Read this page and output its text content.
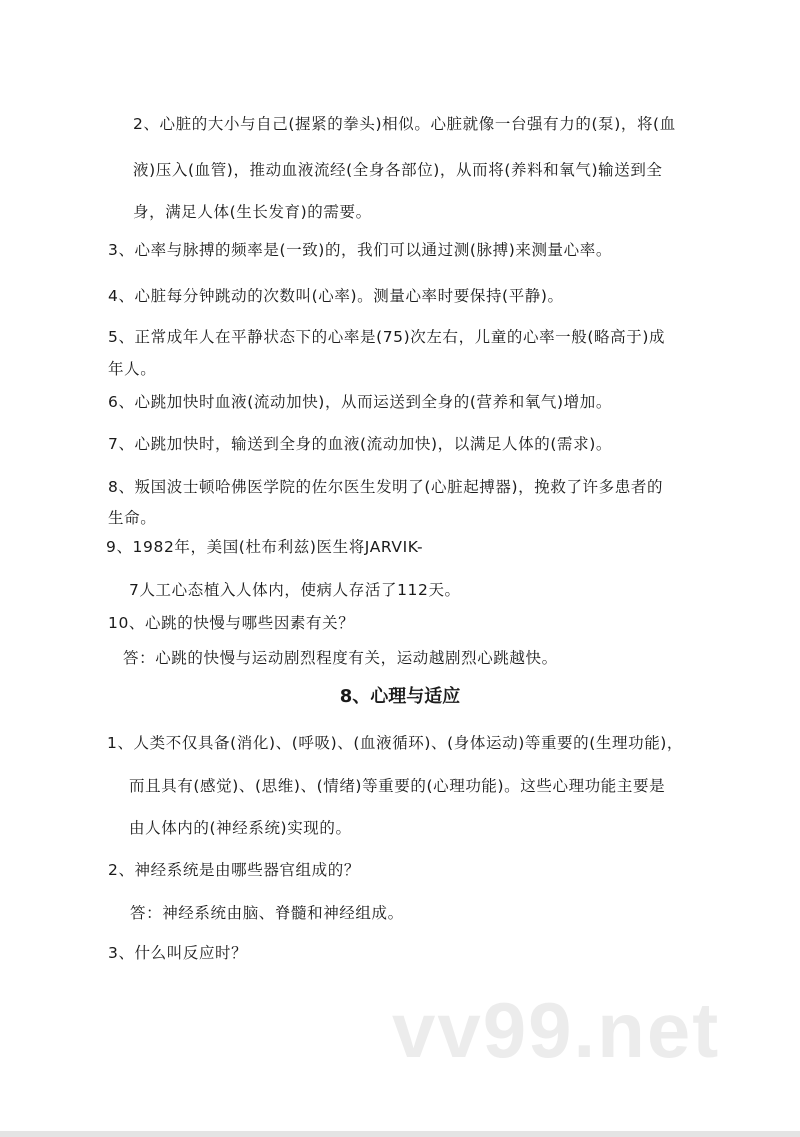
2、心脏的大小与自己(握紧的拳头)相似。心脏就像一台强有力的(泵)，将(血
液)压入(血管)，推动血液流经(全身各部位)，从而将(养料和氧气)输送到全
身，满足人体(生长发育)的需要。
3、心率与脉搏的频率是(一致)的，我们可以通过测(脉搏)来测量心率。
4、心脏每分钟跳动的次数叫(心率)。测量心率时要保持(平静)。
5、正常成年人在平静状态下的心率是(75)次左右，儿童的心率一般(略高于)成
年人。
6、心跳加快时血液(流动加快)，从而运送到全身的(营养和氧气)增加。
7、心跳加快时，输送到全身的血液(流动加快)，以满足人体的(需求)。
8、叛国波士顿哈佛医学院的佐尔医生发明了(心脏起搏器)，挽救了许多患者的
生命。
9、1982年，美国(杜布利兹)医生将JARVIK-
7人工心态植入人体内，使病人存活了112天。
10、心跳的快慢与哪些因素有关？
答：心跳的快慢与运动剧烈程度有关，运动越剧烈心跳越快。
8、心理与适应
1、人类不仅具备(消化)、(呼吸)、(血液循环)、(身体运动)等重要的(生理功能)，
而且具有(感觉)、(思维)、(情绪)等重要的(心理功能)。这些心理功能主要是
由人体内的(神经系统)实现的。
2、神经系统是由哪些器官组成的？
答：神经系统由脑、脊髓和神经组成。
3、什么叫反应时？
vv99.net
